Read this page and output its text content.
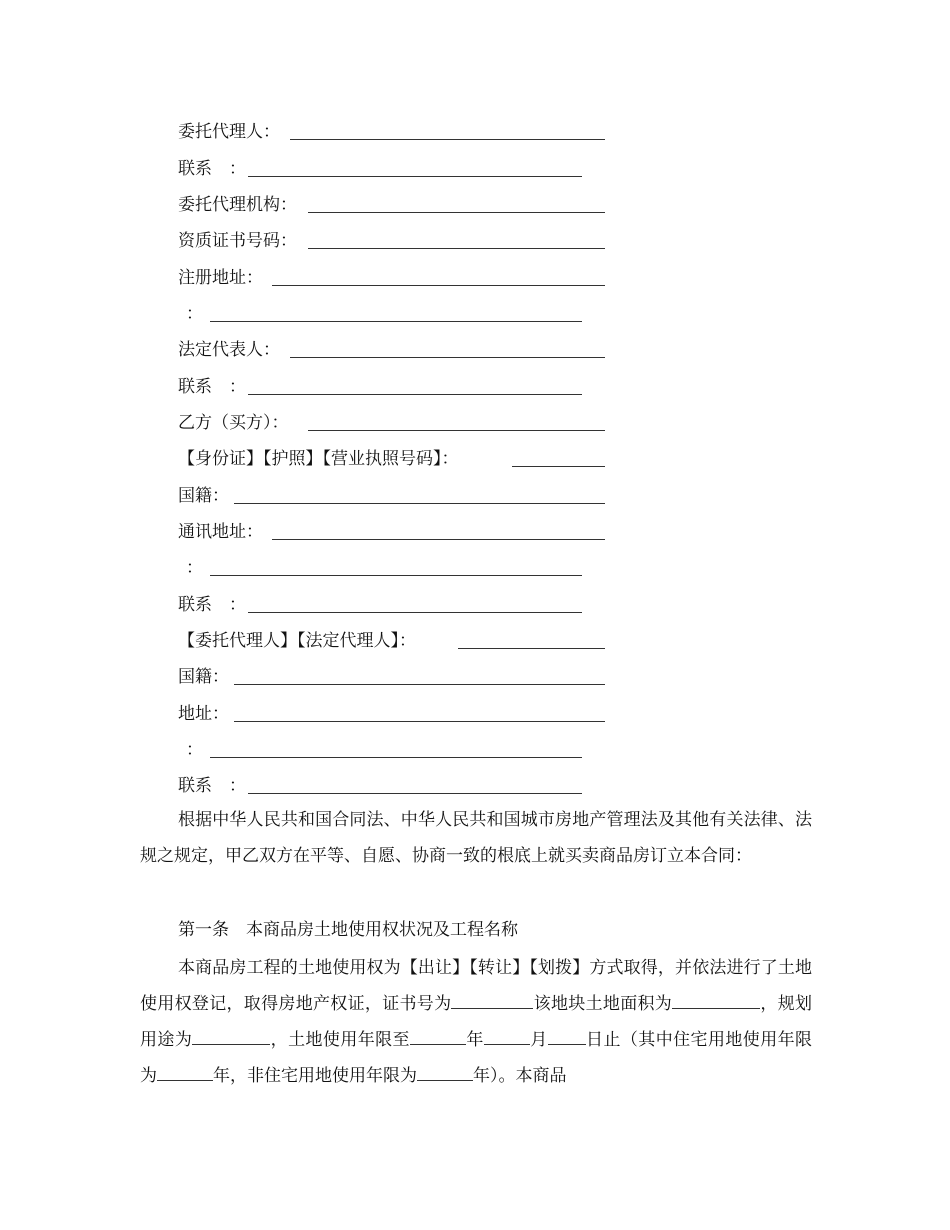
委托代理人：
联系　：
委托代理机构：
资质证书号码：
注册地址：
：
法定代表人：
联系　：
乙方（买方）：
【身份证】【护照】【营业执照号码】：
国籍：
通讯地址：
：
联系　：
【委托代理人】【法定代理人】：
国籍：
地址：
：
联系　：
根据中华人民共和国合同法、中华人民共和国城市房地产管理法及其他有关法律、法规之规定，甲乙双方在平等、自愿、协商一致的根底上就买卖商品房订立本合同：
第一条　本商品房土地使用权状况及工程名称
本商品房工程的土地使用权为【出让】【转让】【划拨】方式取得，并依法进行了土地使用权登记，取得房地产权证，证书号为	该地块土地面积为	，规划用途为	，土地使用年限至	年	月 日止（其中住宅用地使用年限为	年，非住宅用地使用年限为	年）。本商品
